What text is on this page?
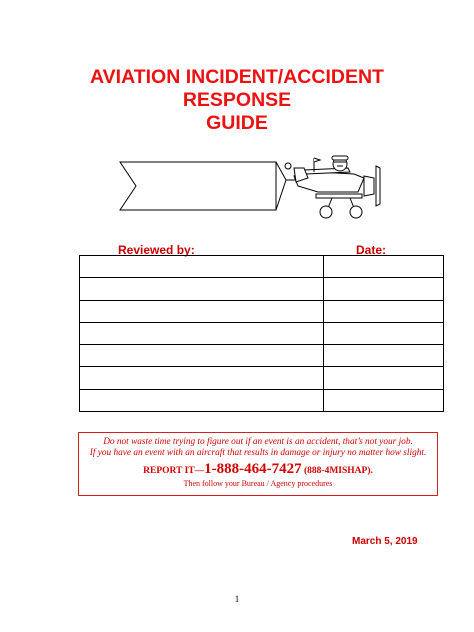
AVIATION INCIDENT/ACCIDENT RESPONSE
GUIDE
Reviewed by:	Date:

Do not waste time trying to figure out if an event is an accident, that’s not your job.
If you have an event with an aircraft that results in damage or injury no matter how slight.
REPORT IT—1-888-464-7427 (888-4MISHAP).
Then follow your Bureau / Agency procedures
March 5, 2019
1
